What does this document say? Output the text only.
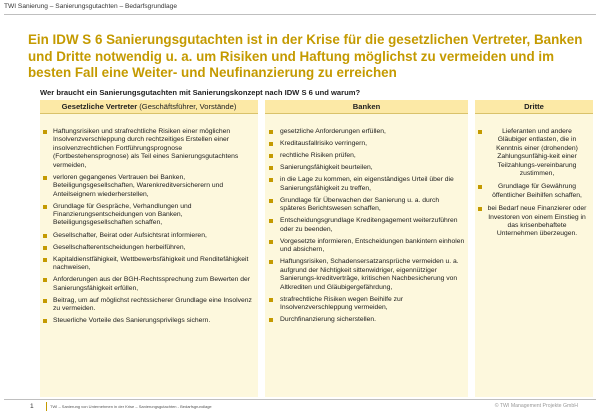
TWI Sanierung – Sanierungsgutachten – Bedarfsgrundlage
Ein IDW S 6 Sanierungsgutachten ist in der Krise für die gesetzlichen Vertreter, Banken und Dritte notwendig u. a. um Risiken und Haftung möglichst zu vermeiden und im besten Fall eine Weiter- und Neufinanzierung zu erreichen
Wer braucht ein Sanierungsgutachten mit Sanierungskonzept nach IDW S 6 und warum?
Gesetzliche Vertreter (Geschäftsführer, Vorstände)
Haftungsrisiken und strafrechtliche Risiken einer möglichen Insolvenzverschleppung durch rechtzeitiges Erstellen einer insolvenzrechtlichen Fortführungsprognose (Fortbestehensprognose) als Teil eines Sanierungsgutachtens vermeiden,
verloren gegangenes Vertrauen bei Banken, Beteiligungsgesellschaften, Warenkreditversicherern und Anteilseignern wiederherstellen,
Grundlage für Gespräche, Verhandlungen und Finanzierungsentscheidungen von Banken, Beteiligungsgesellschaften schaffen,
Gesellschafter, Beirat oder Aufsichtsrat informieren,
Gesellschafterentscheidungen herbeiführen,
Kapitaldienstfähigkeit, Wettbewerbsfähigkeit und Renditefähigkeit nachweisen,
Anforderungen aus der BGH-Rechtssprechung zum Bewerten der Sanierungsfähigkeit erfüllen,
Beitrag, um auf möglichst rechtssicherer Grundlage eine Insolvenz zu vermeiden.
Steuerliche Vorteile des Sanierungsprivilegs sichern.
Banken
gesetzliche Anforderungen erfüllen,
Kreditausfallrisiko verringern,
rechtliche Risiken prüfen,
Sanierungsfähigkeit beurteilen,
in die Lage zu kommen, ein eigenständiges Urteil über die Sanierungsfähigkeit zu treffen,
Grundlage für Überwachen der Sanierung u. a. durch späteres Berichtswesen schaffen,
Entscheidungsgrundlage Kreditengagement weiterzuführen oder zu beenden,
Vorgesetzte informieren, Entscheidungen bankintern einholen und absichern,
Haftungsrisiken, Schadensersatzansprüche vermeiden u. a. aufgrund der Nichtigkeit sittenwidriger, eigennütziger Sanierungs-kreditverträge, kritischen Nachbesicherung von Altkrediten und Gläubigergefährdung,
strafrechtliche Risiken wegen Beihilfe zur Insolvenzverschleppung vermeiden,
Durchfinanzierung sicherstellen.
Dritte
Lieferanten und andere Gläubiger entlasten, die in Kenntnis einer (drohenden) Zahlungsunfähig-keit einer Teilzahlungs-vereinbarung zustimmen,
Grundlage für Gewährung öffentlicher Beihilfen schaffen,
bei Bedarf neue Finanzierer oder Investoren von einem Einstieg in das krisenbehaftete Unternehmen überzeugen.
1	TWI – Sanierung von Unternehmen in der Krise – Sanierungsgutachten - Bedarfsgrundlage	© TWI Management Projekte GmbH
